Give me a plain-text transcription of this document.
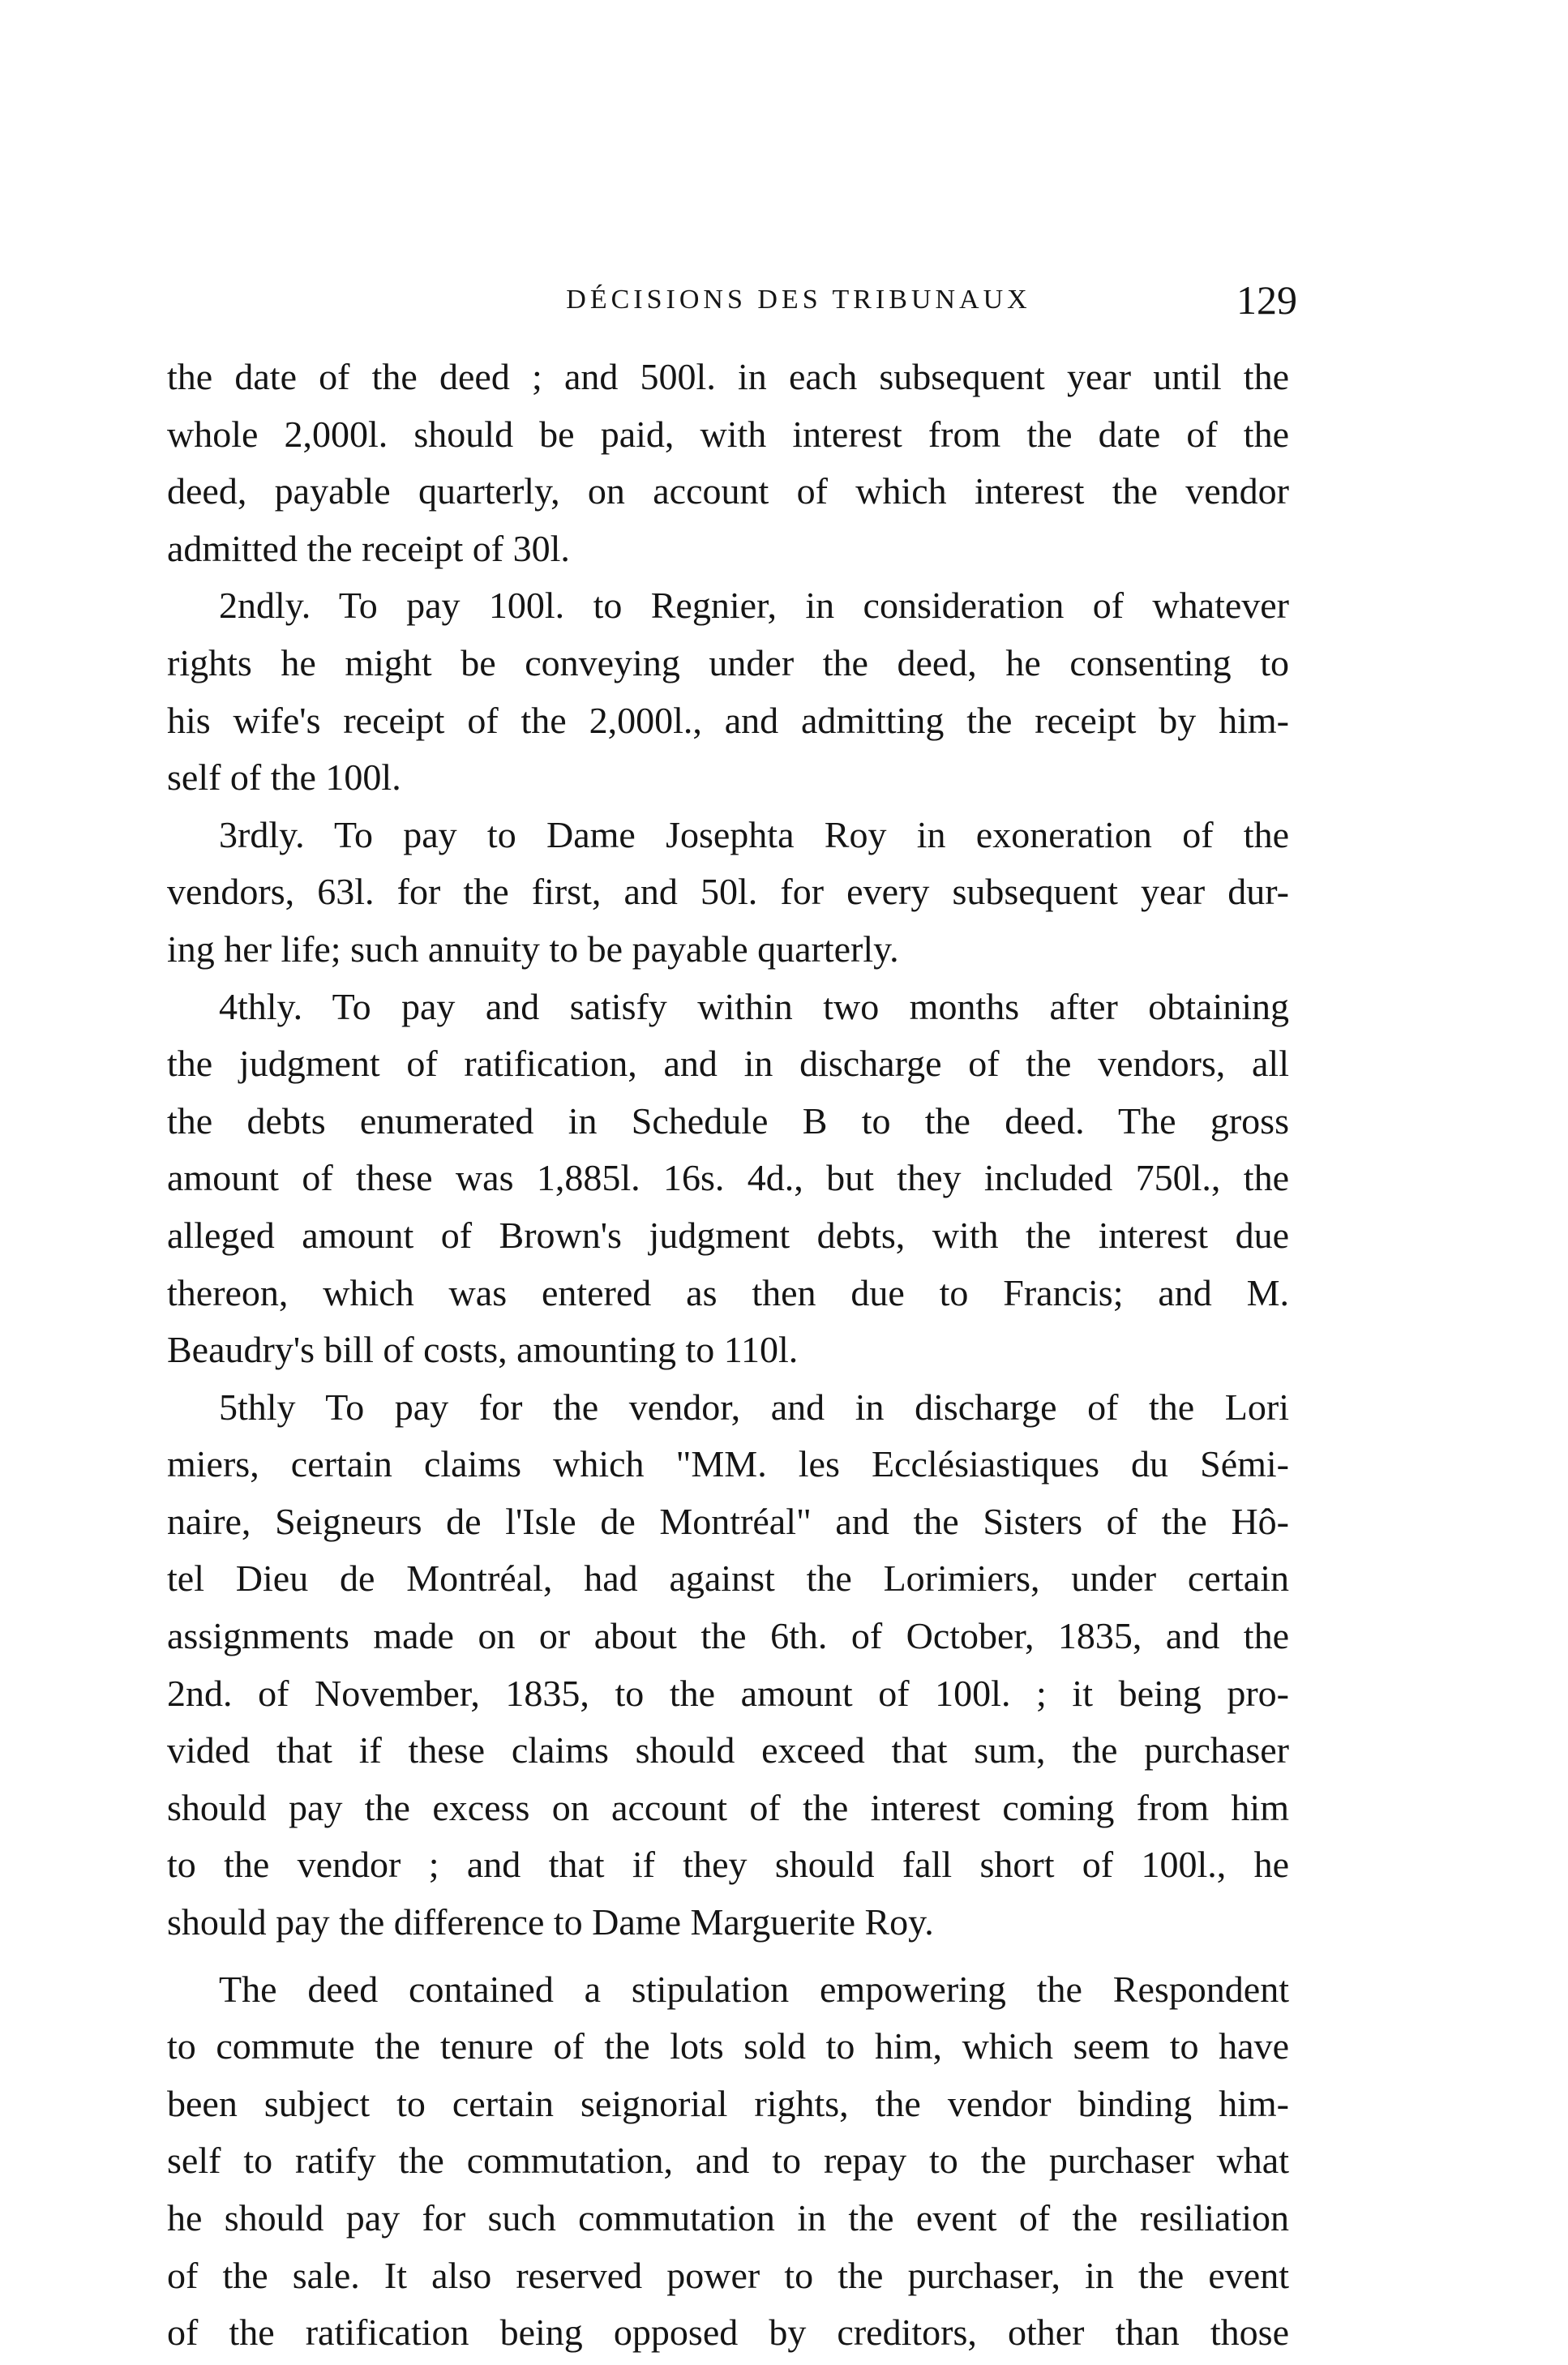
DÉCISIONS DES TRIBUNAUX	129
the date of the deed ; and 500l. in each subsequent year until the
whole 2,000l. should be paid, with interest from the date of the
deed, payable quarterly, on account of which interest the vendor
admitted the receipt of 30l.
2ndly. To pay 100l. to Regnier, in consideration of whatever
rights he might be conveying under the deed, he consenting to
his wife's receipt of the 2,000l., and admitting the receipt by him-
self of the 100l.
3rdly. To pay to Dame Josephta Roy in exoneration of the
vendors, 63l. for the first, and 50l. for every subsequent year dur-
ing her life; such annuity to be payable quarterly.
4thly. To pay and satisfy within two months after obtaining
the judgment of ratification, and in discharge of the vendors, all
the debts enumerated in Schedule B to the deed. The gross
amount of these was 1,885l. 16s. 4d., but they included 750l., the
alleged amount of Brown's judgment debts, with the interest due
thereon, which was entered as then due to Francis; and M.
Beaudry's bill of costs, amounting to 110l.
5thly To pay for the vendor, and in discharge of the Lori
miers, certain claims which "MM. les Ecclésiastiques du Sémi-
naire, Seigneurs de l'Isle de Montréal" and the Sisters of the Hô-
tel Dieu de Montréal, had against the Lorimiers, under certain
assignments made on or about the 6th. of October, 1835, and the
2nd. of November, 1835, to the amount of 100l. ; it being pro-
vided that if these claims should exceed that sum, the purchaser
should pay the excess on account of the interest coming from him
to the vendor ; and that if they should fall short of 100l., he
should pay the difference to Dame Marguerite Roy.
The deed contained a stipulation empowering the Respondent
to commute the tenure of the lots sold to him, which seem to have
been subject to certain seignorial rights, the vendor binding him-
self to ratify the commutation, and to repay to the purchaser what
he should pay for such commutation in the event of the resiliation
of the sale. It also reserved power to the purchaser, in the event
of the ratification being opposed by creditors, other than those
